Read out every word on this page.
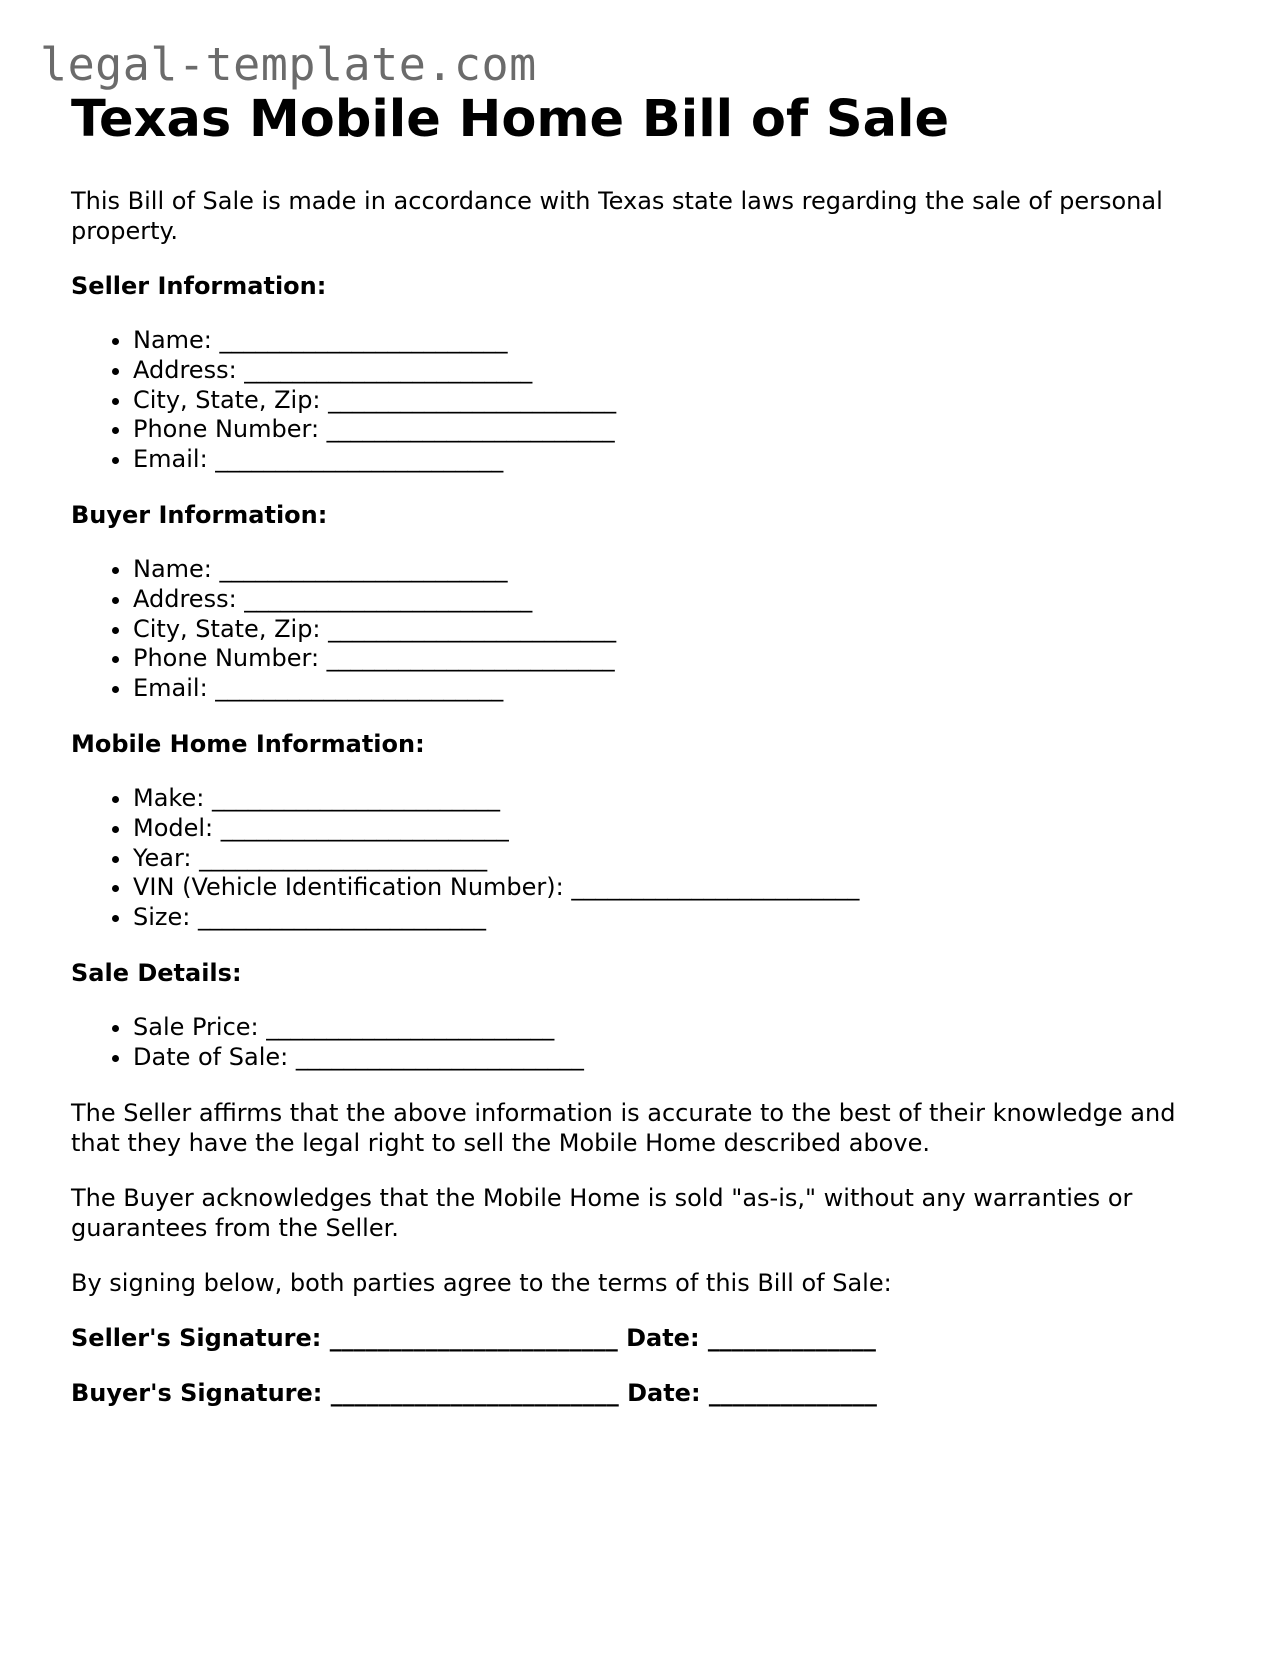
legal-template.com
Texas Mobile Home Bill of Sale

This Bill of Sale is made in accordance with Texas state laws regarding the sale of personal property.

Seller Information:
• Name: ________________________
• Address: ________________________
• City, State, Zip: ________________________
• Phone Number: ________________________
• Email: ________________________
Buyer Information:
• Name: ________________________
• Address: ________________________
• City, State, Zip: ________________________
• Phone Number: ________________________
• Email: ________________________
Mobile Home Information:
• Make: ________________________
• Model: ________________________
• Year: ________________________
• VIN (Vehicle Identification Number): ________________________
• Size: ________________________
Sale Details:
• Sale Price: ________________________
• Date of Sale: ________________________

The Seller affirms that the above information is accurate to the best of their knowledge and that they have the legal right to sell the Mobile Home described above.

The Buyer acknowledges that the Mobile Home is sold "as-is," without any warranties or guarantees from the Seller.

By signing below, both parties agree to the terms of this Bill of Sale:

Seller's Signature: ________________________ Date: ______________
Buyer's Signature: ________________________ Date: ______________
